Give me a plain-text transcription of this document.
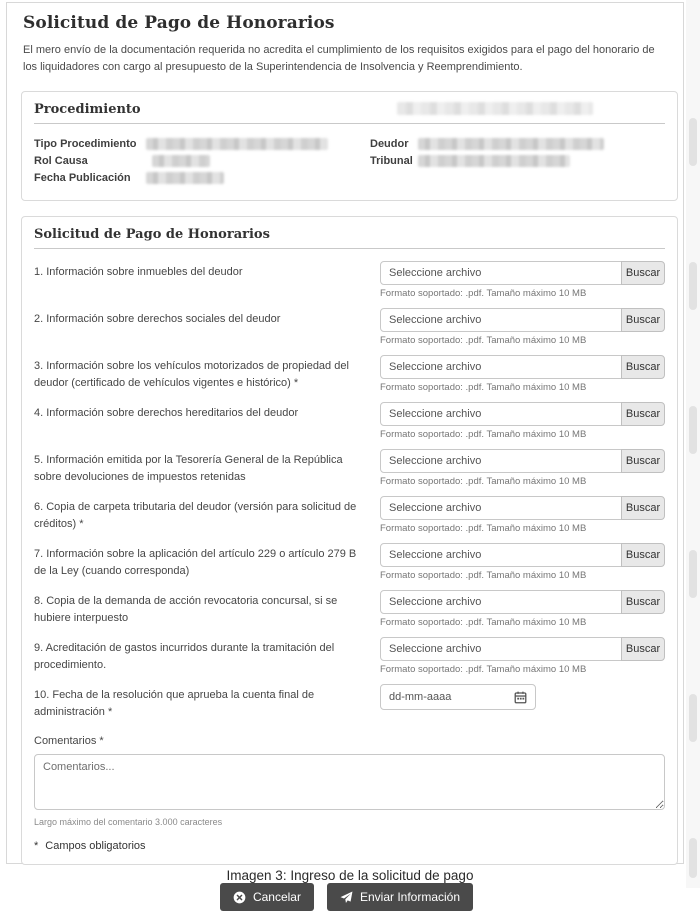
Solicitud de Pago de Honorarios
El mero envío de la documentación requerida no acredita el cumplimiento de los requisitos exigidos para el pago del honorario de los liquidadores con cargo al presupuesto de la Superintendencia de Insolvencia y Reemprendimiento.
Procedimiento
Tipo Procedimiento
Rol Causa
Fecha Publicación
Deudor
Tribunal
Solicitud de Pago de Honorarios
1. Información sobre inmuebles del deudor	Seleccione archivo	Buscar
Formato soportado: .pdf. Tamaño máximo 10 MB
2. Información sobre derechos sociales del deudor	Seleccione archivo	Buscar
Formato soportado: .pdf. Tamaño máximo 10 MB
3. Información sobre los vehículos motorizados de propiedad del deudor (certificado de vehículos vigentes e histórico) *
Seleccione archivo	Buscar
Formato soportado: .pdf. Tamaño máximo 10 MB
4. Información sobre derechos hereditarios del deudor	Seleccione archivo	Buscar
Formato soportado: .pdf. Tamaño máximo 10 MB
5. Información emitida por la Tesorería General de la República sobre devoluciones de impuestos retenidas
Seleccione archivo	Buscar
Formato soportado: .pdf. Tamaño máximo 10 MB
6. Copia de carpeta tributaria del deudor (versión para solicitud de créditos) *
Seleccione archivo	Buscar
Formato soportado: .pdf. Tamaño máximo 10 MB
7. Información sobre la aplicación del artículo 229 o artículo 279 B de la Ley (cuando corresponda)
Seleccione archivo	Buscar
Formato soportado: .pdf. Tamaño máximo 10 MB
8. Copia de la demanda de acción revocatoria concursal, si se hubiere interpuesto
Seleccione archivo	Buscar
Formato soportado: .pdf. Tamaño máximo 10 MB
9. Acreditación de gastos incurridos durante la tramitación del procedimiento.
Seleccione archivo	Buscar
Formato soportado: .pdf. Tamaño máximo 10 MB
10. Fecha de la resolución que aprueba la cuenta final de administración *
dd-mm-aaaa
Comentarios *
Comentarios...
Largo máximo del comentario 3.000 caracteres
* Campos obligatorios
Cancelar	Enviar Información
Imagen 3: Ingreso de la solicitud de pago
